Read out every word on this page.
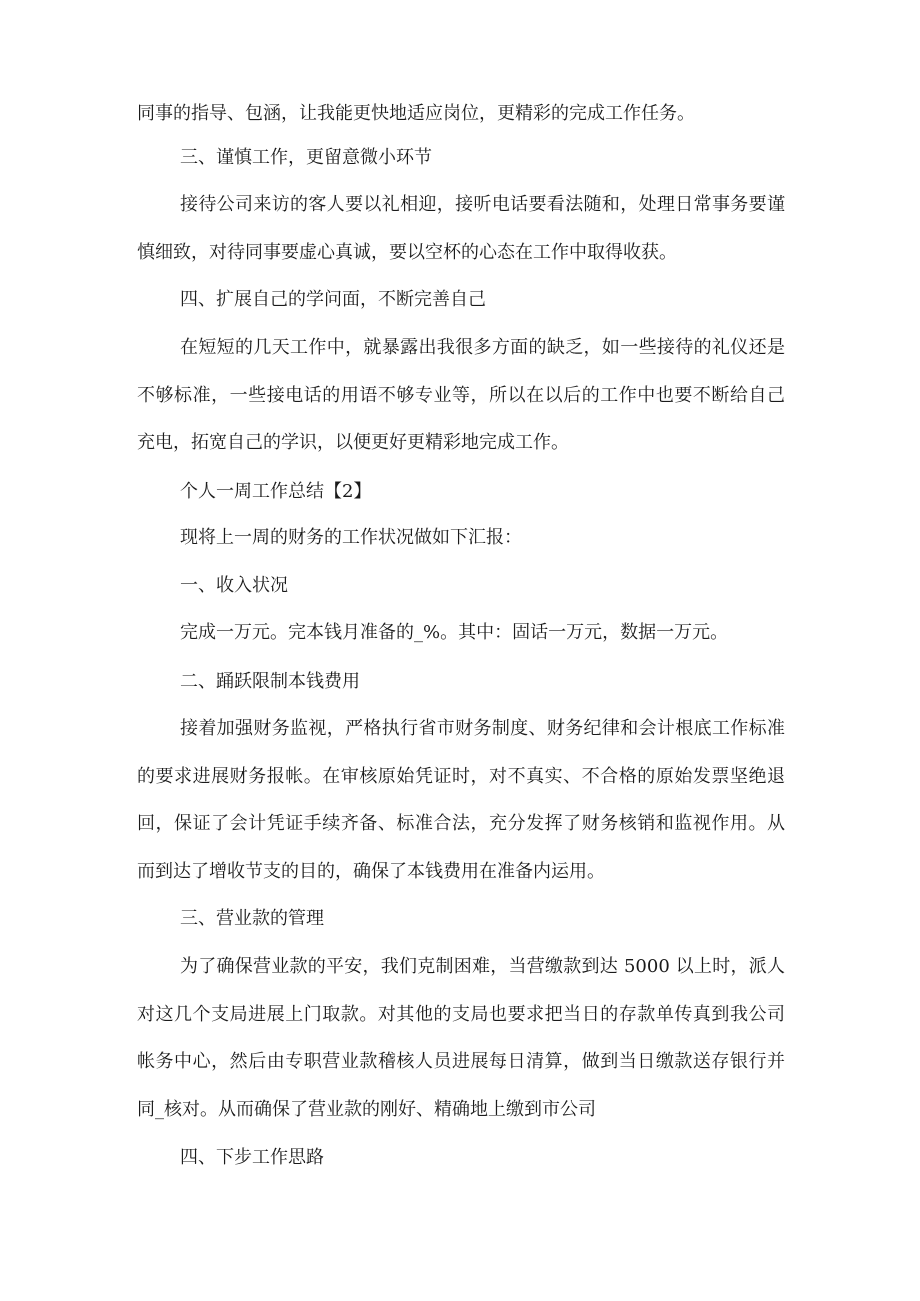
同事的指导、包涵，让我能更快地适应岗位，更精彩的完成工作任务。

三、谨慎工作，更留意微小环节

接待公司来访的客人要以礼相迎，接听电话要看法随和，处理日常事务要谨

慎细致，对待同事要虚心真诚，要以空杯的心态在工作中取得收获。

四、扩展自己的学问面，不断完善自己

在短短的几天工作中，就暴露出我很多方面的缺乏，如一些接待的礼仪还是

不够标准，一些接电话的用语不够专业等，所以在以后的工作中也要不断给自己

充电，拓宽自己的学识，以便更好更精彩地完成工作。

个人一周工作总结【2】

现将上一周的财务的工作状况做如下汇报：

一、收入状况

完成一万元。完本钱月准备的_%。其中：固话一万元，数据一万元。

二、踊跃限制本钱费用

接着加强财务监视，严格执行省市财务制度、财务纪律和会计根底工作标准

的要求进展财务报帐。在审核原始凭证时，对不真实、不合格的原始发票坚绝退

回，保证了会计凭证手续齐备、标准合法，充分发挥了财务核销和监视作用。从

而到达了增收节支的目的，确保了本钱费用在准备内运用。

三、营业款的管理

为了确保营业款的平安，我们克制困难，当营缴款到达 5000 以上时，派人

对这几个支局进展上门取款。对其他的支局也要求把当日的存款单传真到我公司

帐务中心，然后由专职营业款稽核人员进展每日清算，做到当日缴款送存银行并

同_核对。从而确保了营业款的刚好、精确地上缴到市公司

四、下步工作思路
